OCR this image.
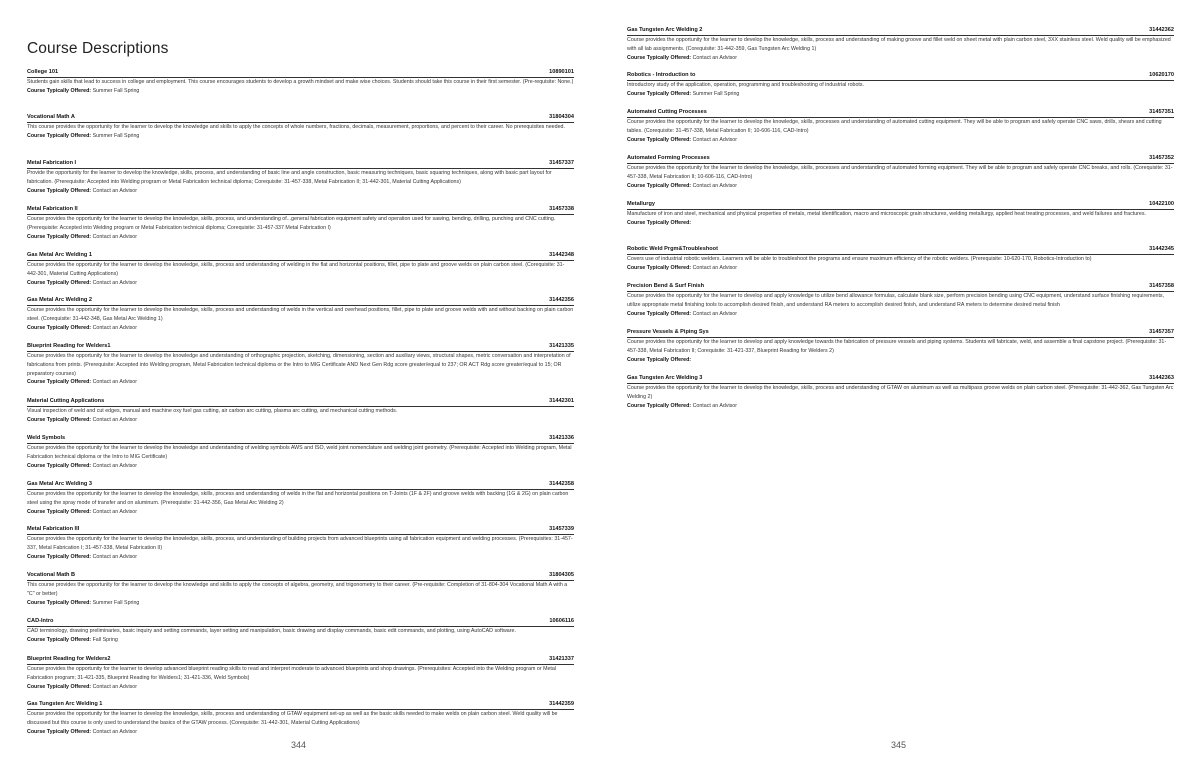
Course Descriptions
College 101	10890101
Students gain skills that lead to success in college and employment. This course encourages students to develop a growth mindset and make wise choices. Students should take this course in their first semester. (Pre-requisite: None.)
Course Typically Offered: Summer Fall Spring
Vocational Math A	31804304
This course provides the opportunity for the learner to develop the knowledge and skills to apply the concepts of whole numbers, fractions, decimals, measurement, proportions, and percent to their career. No prerequisites needed.
Course Typically Offered: Summer Fall Spring
Metal Fabrication I	31457337
Provide the opportunity for the learner to develop the knowledge, skills, process, and understanding of basic line and angle construction, basic measuring techniques, basic squaring techniques, along with basic part layout for fabrication. (Prerequisite: Accepted into Welding program or Metal Fabrication technical diploma; Corequisite: 31-457-338, Metal Fabrication II; 31-442-301, Material Cutting Applications)
Course Typically Offered: Contact an Advisor
Metal Fabrication II	31457338
Course provides the opportunity for the learner to develop the knowledge, skills, process, and understanding of...general fabrication equipment safety and operation used for sawing, bending, drilling, punching and CNC cutting. (Prerequisite: Accepted into Welding program or Metal Fabrication technical diploma; Corequisite: 31-457-337 Metal Fabrication I)
Course Typically Offered: Contact an Advisor
Gas Metal Arc Welding 1	31442348
Course provides the opportunity for the learner to develop the knowledge, skills, process and understanding of welding in the flat and horizontal positions, fillet, pipe to plate and groove welds on plain carbon steel. (Corequisite: 31-442-301, Material Cutting Applications)
Course Typically Offered: Contact an Advisor
Gas Metal Arc Welding 2	31442356
Course provides the opportunity for the learner to develop the knowledge, skills, process and understanding of welds in the vertical and overhead positions, fillet, pipe to plate and groove welds with and without backing on plain carbon steel. (Corequisite: 31-442-348, Gas Metal Arc Welding 1)
Course Typically Offered: Contact an Advisor
Blueprint Reading for Welders1	31421335
Course provides the opportunity for the learner to develop the knowledge and understanding of orthographic projection, sketching, dimensioning, section and auxiliary views, structural shapes, metric conversation and interpretation of fabrications from prints. (Prerequisite: Accepted into Welding program, Metal Fabrication technical diploma or the Intro to MIG Certificate AND Next Gen Rdg score greater/equal to 237; OR ACT Rdg score greater/equal to 15; OR preparatory courses)
Course Typically Offered: Contact an Advisor
Material Cutting Applications	31442301
Visual inspection of weld and cut edges, manual and machine oxy fuel gas cutting, air carbon arc cutting, plasma arc cutting, and mechanical cutting methods.
Course Typically Offered: Contact an Advisor
Weld Symbols	31421336
Course provides the opportunity for the learner to develop the knowledge and understanding of welding symbols AWS and ISO, weld joint nomenclature and welding joint geometry. (Prerequisite: Accepted into Welding program, Metal Fabrication technical diploma or the Intro to MIG Certificate)
Course Typically Offered: Contact an Advisor
Gas Metal Arc Welding 3	31442358
Course provides the opportunity for the learner to develop the knowledge, skills, process and understanding of welds in the flat and horizontal positions on T-Joints (1F & 2F) and groove welds with backing (1G & 2G) on plain carbon steel using the spray mode of transfer and on aluminum. (Prerequisite: 31-442-356, Gas Metal Arc Welding 2)
Course Typically Offered: Contact an Advisor
Metal Fabrication III	31457339
Course provides the opportunity for the learner to develop the knowledge, skills, process, and understanding of building projects from advanced blueprints using all fabrication equipment and welding processes. (Prerequisites: 31-457-337, Metal Fabrication I; 31-457-338, Metal Fabrication II)
Course Typically Offered: Contact an Advisor
Vocational Math B	31804305
This course provides the opportunity for the learner to develop the knowledge and skills to apply the concepts of algebra, geometry, and trigonometry to their career. (Pre-requisite: Completion of 31-804-304 Vocational Math A with a "C" or better)
Course Typically Offered: Summer Fall Spring
CAD-Intro	10606116
CAD terminology, drawing preliminaries, basic inquiry and setting commands, layer setting and manipulation, basic drawing and display commands, basic edit commands, and plotting, using AutoCAD software.
Course Typically Offered: Fall Spring
Blueprint Reading for Welders2	31421337
Course provides the opportunity for the learner to develop advanced blueprint reading skills to read and interpret moderate to advanced blueprints and shop drawings. (Prerequisites: Accepted into the Welding program or Metal Fabrication program; 31-421-335, Blueprint Reading for Welders1; 31-421-336, Weld Symbols)
Course Typically Offered: Contact an Advisor
Gas Tungsten Arc Welding 1	31442359
Course provides the opportunity for the learner to develop the knowledge, skills, process and understanding of GTAW equipment set-up as well as the basic skills needed to make welds on plain carbon steel. Weld quality will be discussed but this course is only used to understand the basics of the GTAW process. (Corequisite: 31-442-301, Material Cutting Applications)
Course Typically Offered: Contact an Advisor
344
Gas Tungsten Arc Welding 2	31442362
Course provides the opportunity for the learner to develop the knowledge, skills, process and understanding of making groove and fillet weld on sheet metal with plain carbon steel, 3XX stainless steel. Weld quality will be emphasized with all lab assignments. (Corequisite: 31-442-359, Gas Tungsten Arc Welding 1)
Course Typically Offered: Contact an Advisor
Robotics - Introduction to	10620170
Introductory study of the application, operation, programming and troubleshooting of industrial robots.
Course Typically Offered: Summer Fall Spring
Automated Cutting Processes	31457351
Course provides the opportunity for the learner to develop the knowledge, skills, processes and understanding of automated cutting equipment. They will be able to program and safely operate CNC saws, drills, shears and cutting tables. (Corequisite: 31-457-338, Metal Fabrication II; 10-606-116, CAD-Intro)
Course Typically Offered: Contact an Advisor
Automated Forming Processes	31457352
Course provides the opportunity for the learner to develop the knowledge, skills, processes and understanding of automated forming equipment. They will be able to program and safely operate CNC breaks, and rolls. (Corequisite: 31-457-338, Metal Fabrication II; 10-606-116, CAD-Intro)
Course Typically Offered: Contact an Advisor
Metallurgy	10422100
Manufacture of iron and steel, mechanical and physical properties of metals, metal identification, macro and microscopic grain structures, welding metallurgy, applied heat treating processes, and weld failures and fractures.
Course Typically Offered:
Robotic Weld Prgm&Troubleshoot	31442345
Covers use of industrial robotic welders. Learners will be able to troubleshoot the programs and ensure maximum efficiency of the robotic welders. (Prerequisite: 10-620-170, Robotics-Introduction to)
Course Typically Offered: Contact an Advisor
Precision Bend & Surf Finish	31457358
Course provides the opportunity for the learner to develop and apply knowledge to utilize bend allowance formulas, calculate blank size, perform precision bending using CNC equipment, understand surface finishing requirements, utilize appropriate metal finishing tools to accomplish desired finish, and understand RA meters to accomplish desired finish, and understand RA meters to determine desired metal finish
Course Typically Offered: Contact an Advisor
Pressure Vessels & Piping Sys	31457357
Course provides the opportunity for the learner to develop and apply knowledge towards the fabrication of pressure vessels and piping systems. Students will fabricate, weld, and assemble a final capstone project. (Prerequisite: 31-457-338, Metal Fabrication II; Corequisite: 31-421-337, Blueprint Reading for Welders 2)
Course Typically Offered:
Gas Tungsten Arc Welding 3	31442363
Course provides the opportunity for the learner to develop the knowledge, skills, process and understanding of GTAW on aluminum as well as multipass groove welds on plain carbon steel. (Prerequisite: 31-442-362, Gas Tungsten Arc Welding 2)
Course Typically Offered: Contact an Advisor
345
